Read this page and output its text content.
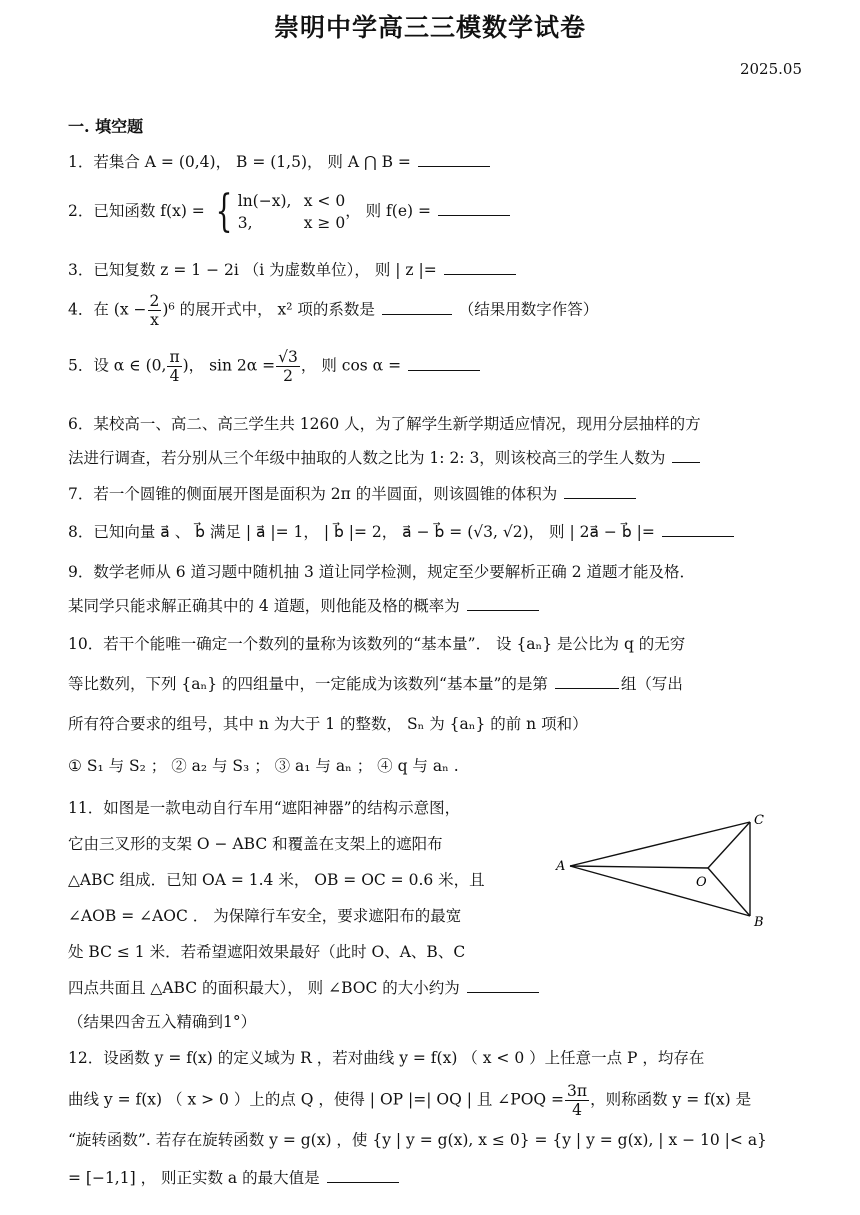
崇明中学高三三模数学试卷
2025.05
一. 填空题
1．若集合 A = (0,4)， B = (1,5)， 则 A ⋂ B =
2．已知函数 f(x) = { ln(−x), x < 0
3,	x ≥ 0
， 则 f(e) =
3．已知复数 z = 1 − 2i （i 为虚数单位）， 则 | z |=
4．在 $(x - \frac{2}{x} )^6$ 的展开式中， x² 项的系数是	（结果用数字作答）
5．设 α ∈ (0, $\frac{\pi}{4}$ )， $\sin 2\alpha = \frac{√3}{2}$ ， 则 cos α =
6．某校高一、高二、高三学生共 1260 人，为了解学生新学期适应情况，现用分层抽样的方
法进行调查，若分别从三个年级中抽取的人数之比为 1: 2: 3，则该校高三的学生人数为
7．若一个圆锥的侧面展开图是面积为 2π 的半圆面，则该圆锥的体积为
8．已知向量 a⃗ 、 b⃗ 满足 | a⃗ |= 1， | b⃗ |= 2， a⃗ − b⃗ = (√3, √2)， 则 | 2a⃗ − b⃗ |=
9．数学老师从 6 道习题中随机抽 3 道让同学检测，规定至少要解析正确 2 道题才能及格．
某同学只能求解正确其中的 4 道题，则他能及格的概率为
10．若干个能唯一确定一个数列的量称为该数列的“基本量”． 设 {aₙ} 是公比为 q 的无穷
等比数列，下列 {aₙ} 的四组量中，一定能成为该数列“基本量”的是第	组（写出
所有符合要求的组号，其中 n 为大于 1 的整数， Sₙ 为 {aₙ} 的前 n 项和）
① S₁ 与 S₂ ； ② a₂ 与 S₃ ； ③ a₁ 与 aₙ ； ④ q 与 aₙ .
11．如图是一款电动自行车用“遮阳神器”的结构示意图，
它由三叉形的支架 O − ABC 和覆盖在支架上的遮阳布
△ABC 组成．已知 OA = 1.4 米， OB = OC = 0.6 米，且
∠AOB = ∠AOC ． 为保障行车安全，要求遮阳布的最宽
处 BC ≤ 1 米．若希望遮阳效果最好（此时 O、A、B、C
四点共面且 △ABC 的面积最大）， 则 ∠BOC 的大小约为
（结果四舍五入精确到1°）
A
C
B
O
12．设函数 y = f(x) 的定义域为 R ，若对曲线 y = f(x) （ x < 0 ）上任意一点 P ，均存在
曲线 y = f(x) （ x > 0 ）上的点 Q ，使得 | OP |=| OQ | 且 ∠POQ = $\frac{3\pi}{4}$ ，则称函数 y = f(x) 是
“旋转函数”. 若存在旋转函数 y = g(x) ，使 {y | y = g(x), x ≤ 0} = {y | y = g(x), | x − 10 |< a}
= [−1,1] ， 则正实数 a 的最大值是
